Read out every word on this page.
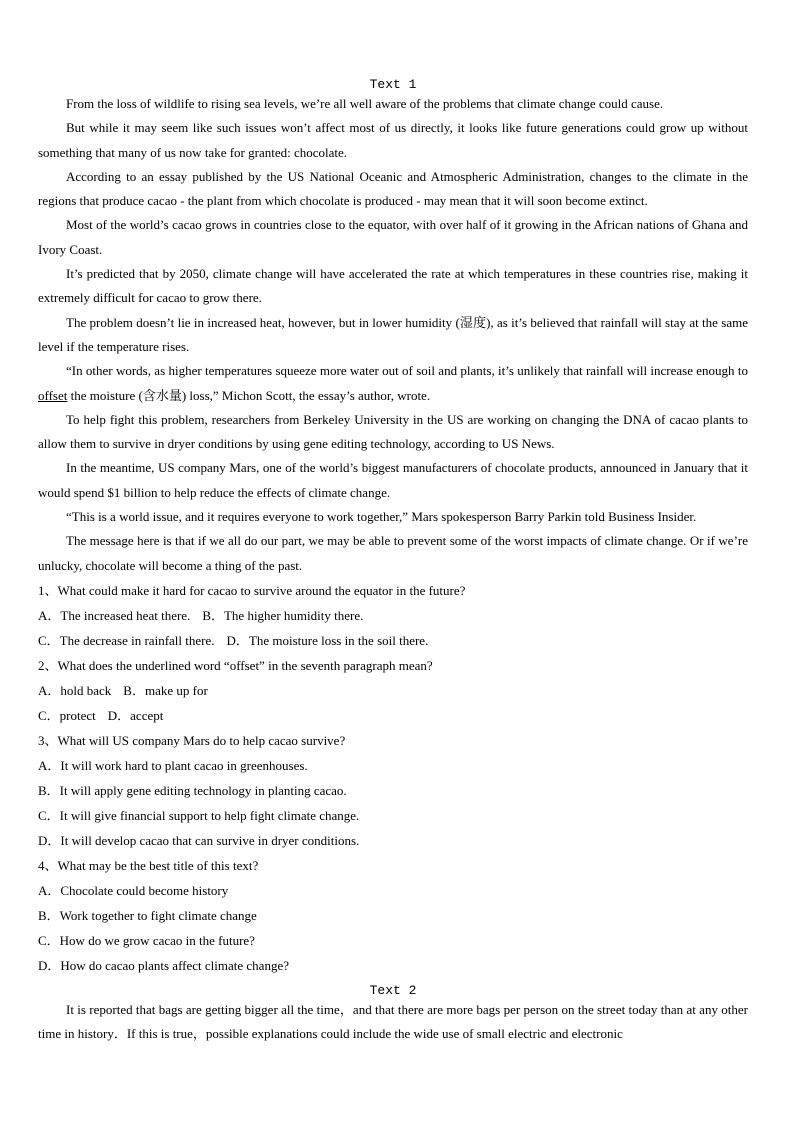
Text 1

From the loss of wildlife to rising sea levels, we’re all well aware of the problems that climate change could cause.

But while it may seem like such issues won’t affect most of us directly, it looks like future generations could grow up without something that many of us now take for granted: chocolate.

According to an essay published by the US National Oceanic and Atmospheric Administration, changes to the climate in the regions that produce cacao - the plant from which chocolate is produced - may mean that it will soon become extinct.

Most of the world’s cacao grows in countries close to the equator, with over half of it growing in the African nations of Ghana and Ivory Coast.

It’s predicted that by 2050, climate change will have accelerated the rate at which temperatures in these countries rise, making it extremely difficult for cacao to grow there.

The problem doesn’t lie in increased heat, however, but in lower humidity (湿度), as it’s believed that rainfall will stay at the same level if the temperature rises.

“In other words, as higher temperatures squeeze more water out of soil and plants, it’s unlikely that rainfall will increase enough to offset the moisture (含水量) loss,” Michon Scott, the essay’s author, wrote.

To help fight this problem, researchers from Berkeley University in the US are working on changing the DNA of cacao plants to allow them to survive in dryer conditions by using gene editing technology, according to US News.

In the meantime, US company Mars, one of the world’s biggest manufacturers of chocolate products, announced in January that it would spend $1 billion to help reduce the effects of climate change.

“This is a world issue, and it requires everyone to work together,” Mars spokesperson Barry Parkin told Business Insider.

The message here is that if we all do our part, we may be able to prevent some of the worst impacts of climate change. Or if we’re unlucky, chocolate will become a thing of the past.

1、What could make it hard for cacao to survive around the equator in the future?

A．The increased heat there. B．The higher humidity there.

C．The decrease in rainfall there. D．The moisture loss in the soil there.

2、What does the underlined word “offset” in the seventh paragraph mean?

A．hold back B．make up for

C．protect D．accept

3、What will US company Mars do to help cacao survive?

A．It will work hard to plant cacao in greenhouses.

B．It will apply gene editing technology in planting cacao.

C．It will give financial support to help fight climate change.

D．It will develop cacao that can survive in dryer conditions.

4、What may be the best title of this text?

A．Chocolate could become history

B．Work together to fight climate change

C．How do we grow cacao in the future?

D．How do cacao plants affect climate change?

Text 2

It is reported that bags are getting bigger all the time，and that there are more bags per person on the street today than at any other time in history．If this is true，possible explanations could include the wide use of small electric and electronic
